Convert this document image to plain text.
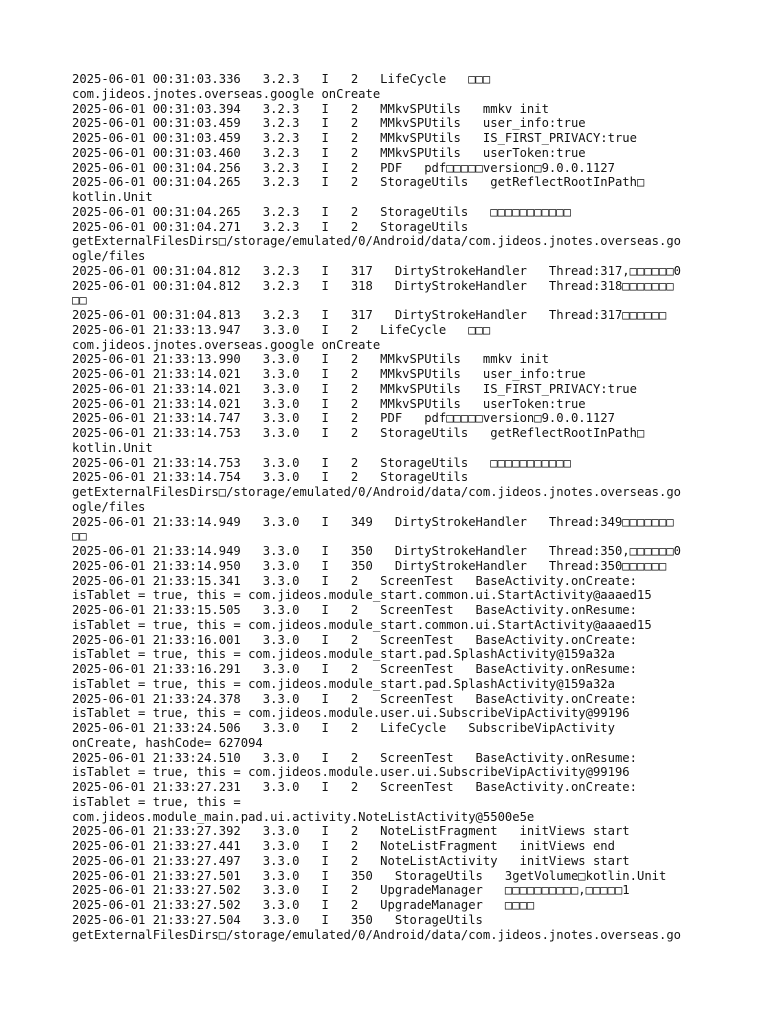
2025-06-01 00:31:03.336   3.2.3   I   2   LifeCycle   □□□
com.jideos.jnotes.overseas.google onCreate
2025-06-01 00:31:03.394   3.2.3   I   2   MMkvSPUtils   mmkv init
2025-06-01 00:31:03.459   3.2.3   I   2   MMkvSPUtils   user_info:true
2025-06-01 00:31:03.459   3.2.3   I   2   MMkvSPUtils   IS_FIRST_PRIVACY:true
2025-06-01 00:31:03.460   3.2.3   I   2   MMkvSPUtils   userToken:true
2025-06-01 00:31:04.256   3.2.3   I   2   PDF   pdf□□□□□version□9.0.0.1127
2025-06-01 00:31:04.265   3.2.3   I   2   StorageUtils   getReflectRootInPath□
kotlin.Unit
2025-06-01 00:31:04.265   3.2.3   I   2   StorageUtils   □□□□□□□□□□□
2025-06-01 00:31:04.271   3.2.3   I   2   StorageUtils
getExternalFilesDirs□/storage/emulated/0/Android/data/com.jideos.jnotes.overseas.go
ogle/files
2025-06-01 00:31:04.812   3.2.3   I   317   DirtyStrokeHandler   Thread:317,□□□□□□0
2025-06-01 00:31:04.812   3.2.3   I   318   DirtyStrokeHandler   Thread:318□□□□□□□
□□
2025-06-01 00:31:04.813   3.2.3   I   317   DirtyStrokeHandler   Thread:317□□□□□□
2025-06-01 21:33:13.947   3.3.0   I   2   LifeCycle   □□□
com.jideos.jnotes.overseas.google onCreate
2025-06-01 21:33:13.990   3.3.0   I   2   MMkvSPUtils   mmkv init
2025-06-01 21:33:14.021   3.3.0   I   2   MMkvSPUtils   user_info:true
2025-06-01 21:33:14.021   3.3.0   I   2   MMkvSPUtils   IS_FIRST_PRIVACY:true
2025-06-01 21:33:14.021   3.3.0   I   2   MMkvSPUtils   userToken:true
2025-06-01 21:33:14.747   3.3.0   I   2   PDF   pdf□□□□□version□9.0.0.1127
2025-06-01 21:33:14.753   3.3.0   I   2   StorageUtils   getReflectRootInPath□
kotlin.Unit
2025-06-01 21:33:14.753   3.3.0   I   2   StorageUtils   □□□□□□□□□□□
2025-06-01 21:33:14.754   3.3.0   I   2   StorageUtils
getExternalFilesDirs□/storage/emulated/0/Android/data/com.jideos.jnotes.overseas.go
ogle/files
2025-06-01 21:33:14.949   3.3.0   I   349   DirtyStrokeHandler   Thread:349□□□□□□□
□□
2025-06-01 21:33:14.949   3.3.0   I   350   DirtyStrokeHandler   Thread:350,□□□□□□0
2025-06-01 21:33:14.950   3.3.0   I   350   DirtyStrokeHandler   Thread:350□□□□□□
2025-06-01 21:33:15.341   3.3.0   I   2   ScreenTest   BaseActivity.onCreate:
isTablet = true, this = com.jideos.module_start.common.ui.StartActivity@aaaed15
2025-06-01 21:33:15.505   3.3.0   I   2   ScreenTest   BaseActivity.onResume:
isTablet = true, this = com.jideos.module_start.common.ui.StartActivity@aaaed15
2025-06-01 21:33:16.001   3.3.0   I   2   ScreenTest   BaseActivity.onCreate:
isTablet = true, this = com.jideos.module_start.pad.SplashActivity@159a32a
2025-06-01 21:33:16.291   3.3.0   I   2   ScreenTest   BaseActivity.onResume:
isTablet = true, this = com.jideos.module_start.pad.SplashActivity@159a32a
2025-06-01 21:33:24.378   3.3.0   I   2   ScreenTest   BaseActivity.onCreate:
isTablet = true, this = com.jideos.module.user.ui.SubscribeVipActivity@99196
2025-06-01 21:33:24.506   3.3.0   I   2   LifeCycle   SubscribeVipActivity
onCreate, hashCode= 627094
2025-06-01 21:33:24.510   3.3.0   I   2   ScreenTest   BaseActivity.onResume:
isTablet = true, this = com.jideos.module.user.ui.SubscribeVipActivity@99196
2025-06-01 21:33:27.231   3.3.0   I   2   ScreenTest   BaseActivity.onCreate:
isTablet = true, this =
com.jideos.module_main.pad.ui.activity.NoteListActivity@5500e5e
2025-06-01 21:33:27.392   3.3.0   I   2   NoteListFragment   initViews start
2025-06-01 21:33:27.441   3.3.0   I   2   NoteListFragment   initViews end
2025-06-01 21:33:27.497   3.3.0   I   2   NoteListActivity   initViews start
2025-06-01 21:33:27.501   3.3.0   I   350   StorageUtils   3getVolume□kotlin.Unit
2025-06-01 21:33:27.502   3.3.0   I   2   UpgradeManager   □□□□□□□□□□,□□□□□1
2025-06-01 21:33:27.502   3.3.0   I   2   UpgradeManager   □□□□
2025-06-01 21:33:27.504   3.3.0   I   350   StorageUtils
getExternalFilesDirs□/storage/emulated/0/Android/data/com.jideos.jnotes.overseas.go
